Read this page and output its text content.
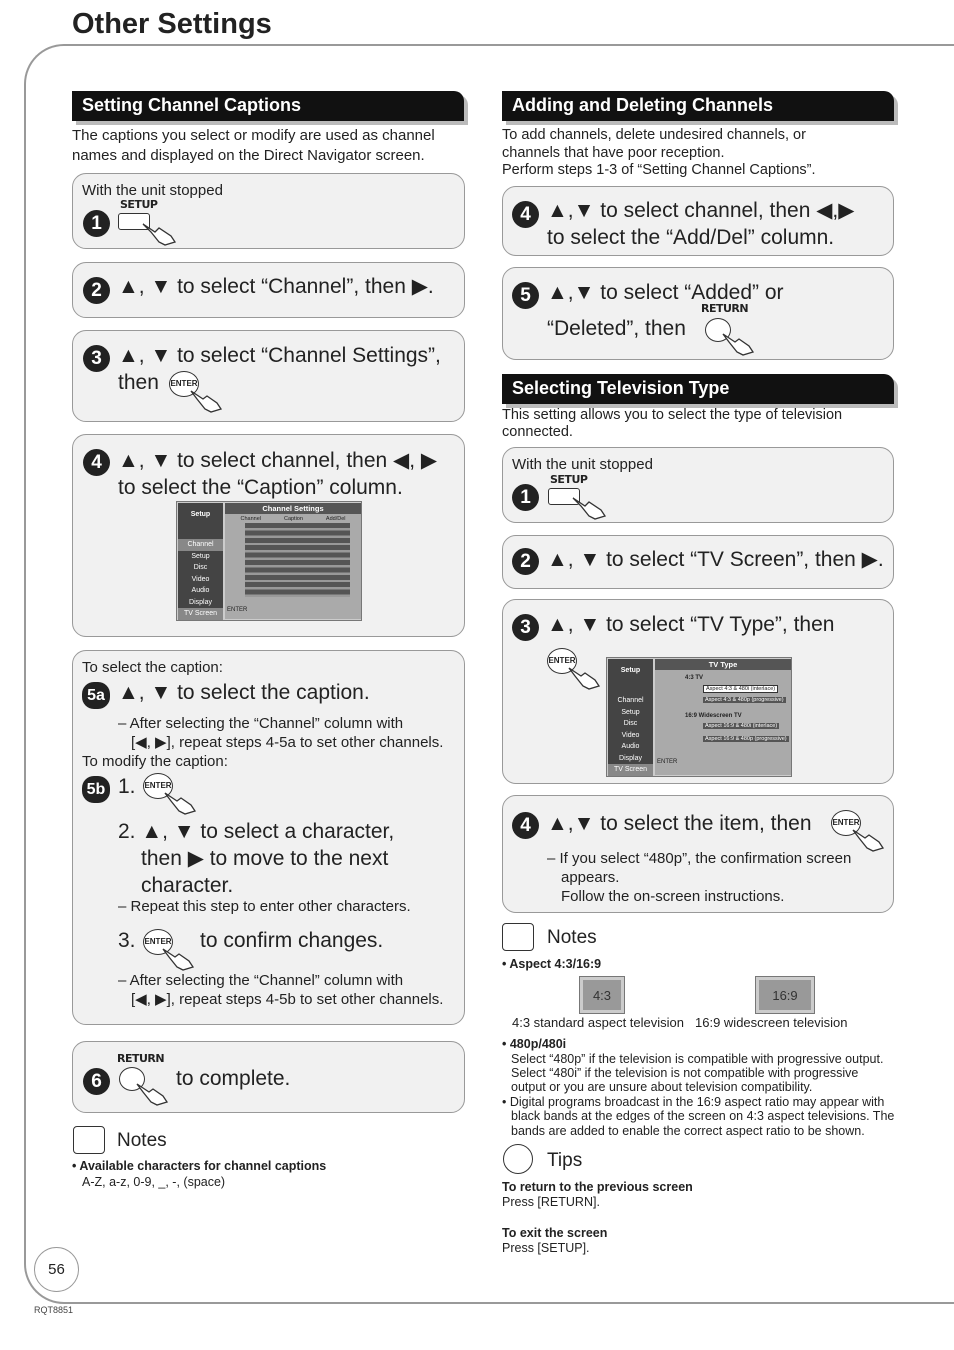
Other Settings
Setting Channel Captions
The captions you select or modify are used as channel names and displayed on the Direct Navigator screen.
With the unit stopped
1
SETUP
2 ▲, ▼ to select “Channel”, then ▶.
3 ▲, ▼ to select “Channel Settings”,
then ENTER
4 ▲, ▼ to select channel, then ◀, ▶
to select the “Caption” column.
Setup
Channel
Setup
Disc
Video
Audio
Display
TV Screen
Channel Settings
Channel	Caption	Add/Del
ENTER
To select the caption:
5a ▲, ▼ to select the caption.
– After selecting the “Channel” column with
[◀, ▶], repeat steps 4-5a to set other channels.
To modify the caption:
5b 1. ENTER
2. ▲, ▼ to select a character,
then ▶ to move to the next
character.
– Repeat this step to enter other characters.
3. ENTER to confirm changes.
– After selecting the “Channel” column with
[◀, ▶], repeat steps 4-5b to set other channels.
6
RETURN
to complete.
Notes
• Available characters for channel captions
A-Z, a-z, 0-9, _, -, (space)
56
RQT8851
Adding and Deleting Channels
To add channels, delete undesired channels, or
channels that have poor reception.
Perform steps 1-3 of “Setting Channel Captions”.
4 ▲,▼ to select channel, then ◀,▶
to select the “Add/Del” column.
5 ▲,▼ to select “Added” or
“Deleted”, then
RETURN
Selecting Television Type
This setting allows you to select the type of television
connected.
With the unit stopped
1
SETUP
2 ▲, ▼ to select “TV Screen”, then ▶.
3 ▲, ▼ to select “TV Type”, then
ENTER
Setup
Channel
Setup
Disc
Video
Audio
Display
TV Screen
TV Type
4:3 TV
Aspect 4:3 & 480i (interlace)
Aspect 4:3 & 480p (progressive)
16:9 Widescreen TV
Aspect 16:9 & 480i (interlace)
Aspect 16:9 & 480p (progressive)
ENTER
4 ▲,▼ to select the item, then	ENTER
– If you select “480p”, the confirmation screen
appears.
Follow the on-screen instructions.
Notes
• Aspect 4:3/16:9
4:3	16:9
4:3 standard aspect television 16:9 widescreen television
• 480p/480i
Select “480p” if the television is compatible with progressive output.
Select “480i” if the television is not compatible with progressive
output or you are unsure about television compatibility.
• Digital programs broadcast in the 16:9 aspect ratio may appear with
black bands at the edges of the screen on 4:3 aspect televisions. The
bands are added to enable the correct aspect ratio to be shown.
Tips
To return to the previous screen
Press [RETURN].
To exit the screen
Press [SETUP].
